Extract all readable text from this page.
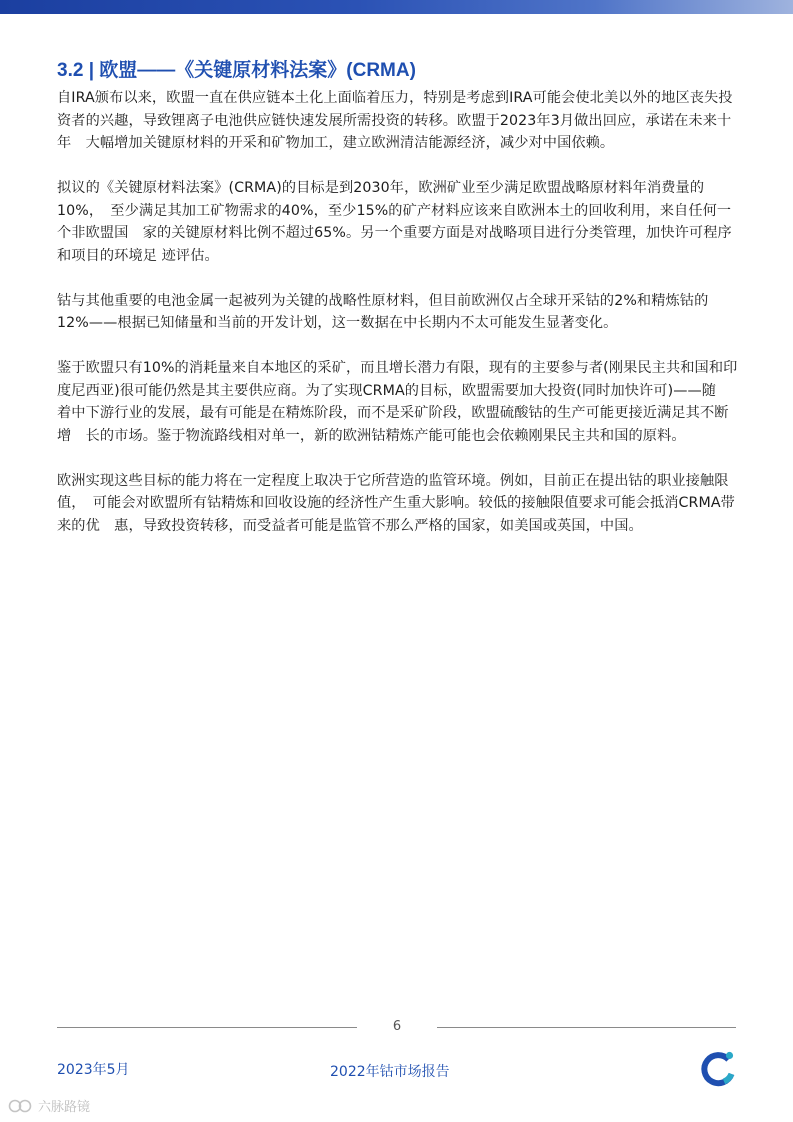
3.2 | 欧盟——《关键原材料法案》(CRMA)

自IRA颁布以来，欧盟一直在供应链本土化上面临着压力，特别是考虑到IRA可能会使北美以外的地区丧失投　资者的兴趣，导致锂离子电池供应链快速发展所需投资的转移。欧盟于2023年3月做出回应，承诺在未来十年　大幅增加关键原材料的开采和矿物加工，建立欧洲清洁能源经济，减少对中国依赖。

拟议的《关键原材料法案》(CRMA)的目标是到2030年，欧洲矿业至少满足欧盟战略原材料年消费量的10%，　至少满足其加工矿物需求的40%，至少15%的矿产材料应该来自欧洲本土的回收利用，来自任何一个非欧盟国　家的关键原材料比例不超过65%。另一个重要方面是对战略项目进行分类管理，加快许可程序和项目的环境足 迹评估。

钴与其他重要的电池金属一起被列为关键的战略性原材料，但目前欧洲仅占全球开采钴的2%和精炼钴的 12%——根据已知储量和当前的开发计划，这一数据在中长期内不太可能发生显著变化。

鉴于欧盟只有10%的消耗量来自本地区的采矿，而且增长潜力有限，现有的主要参与者(刚果民主共和国和印 度尼西亚)很可能仍然是其主要供应商。为了实现CRMA的目标，欧盟需要加大投资(同时加快许可)——随　着中下游行业的发展，最有可能是在精炼阶段，而不是采矿阶段，欧盟硫酸钴的生产可能更接近满足其不断增　长的市场。鉴于物流路线相对单一，新的欧洲钴精炼产能可能也会依赖刚果民主共和国的原料。

欧洲实现这些目标的能力将在一定程度上取决于它所营造的监管环境。例如，目前正在提出钴的职业接触限值，　可能会对欧盟所有钴精炼和回收设施的经济性产生重大影响。较低的接触限值要求可能会抵消CRMA带来的优　惠，导致投资转移，而受益者可能是监管不那么严格的国家，如美国或英国，中国。

6
2023年5月	2022年钴市场报告
六脉路镜
